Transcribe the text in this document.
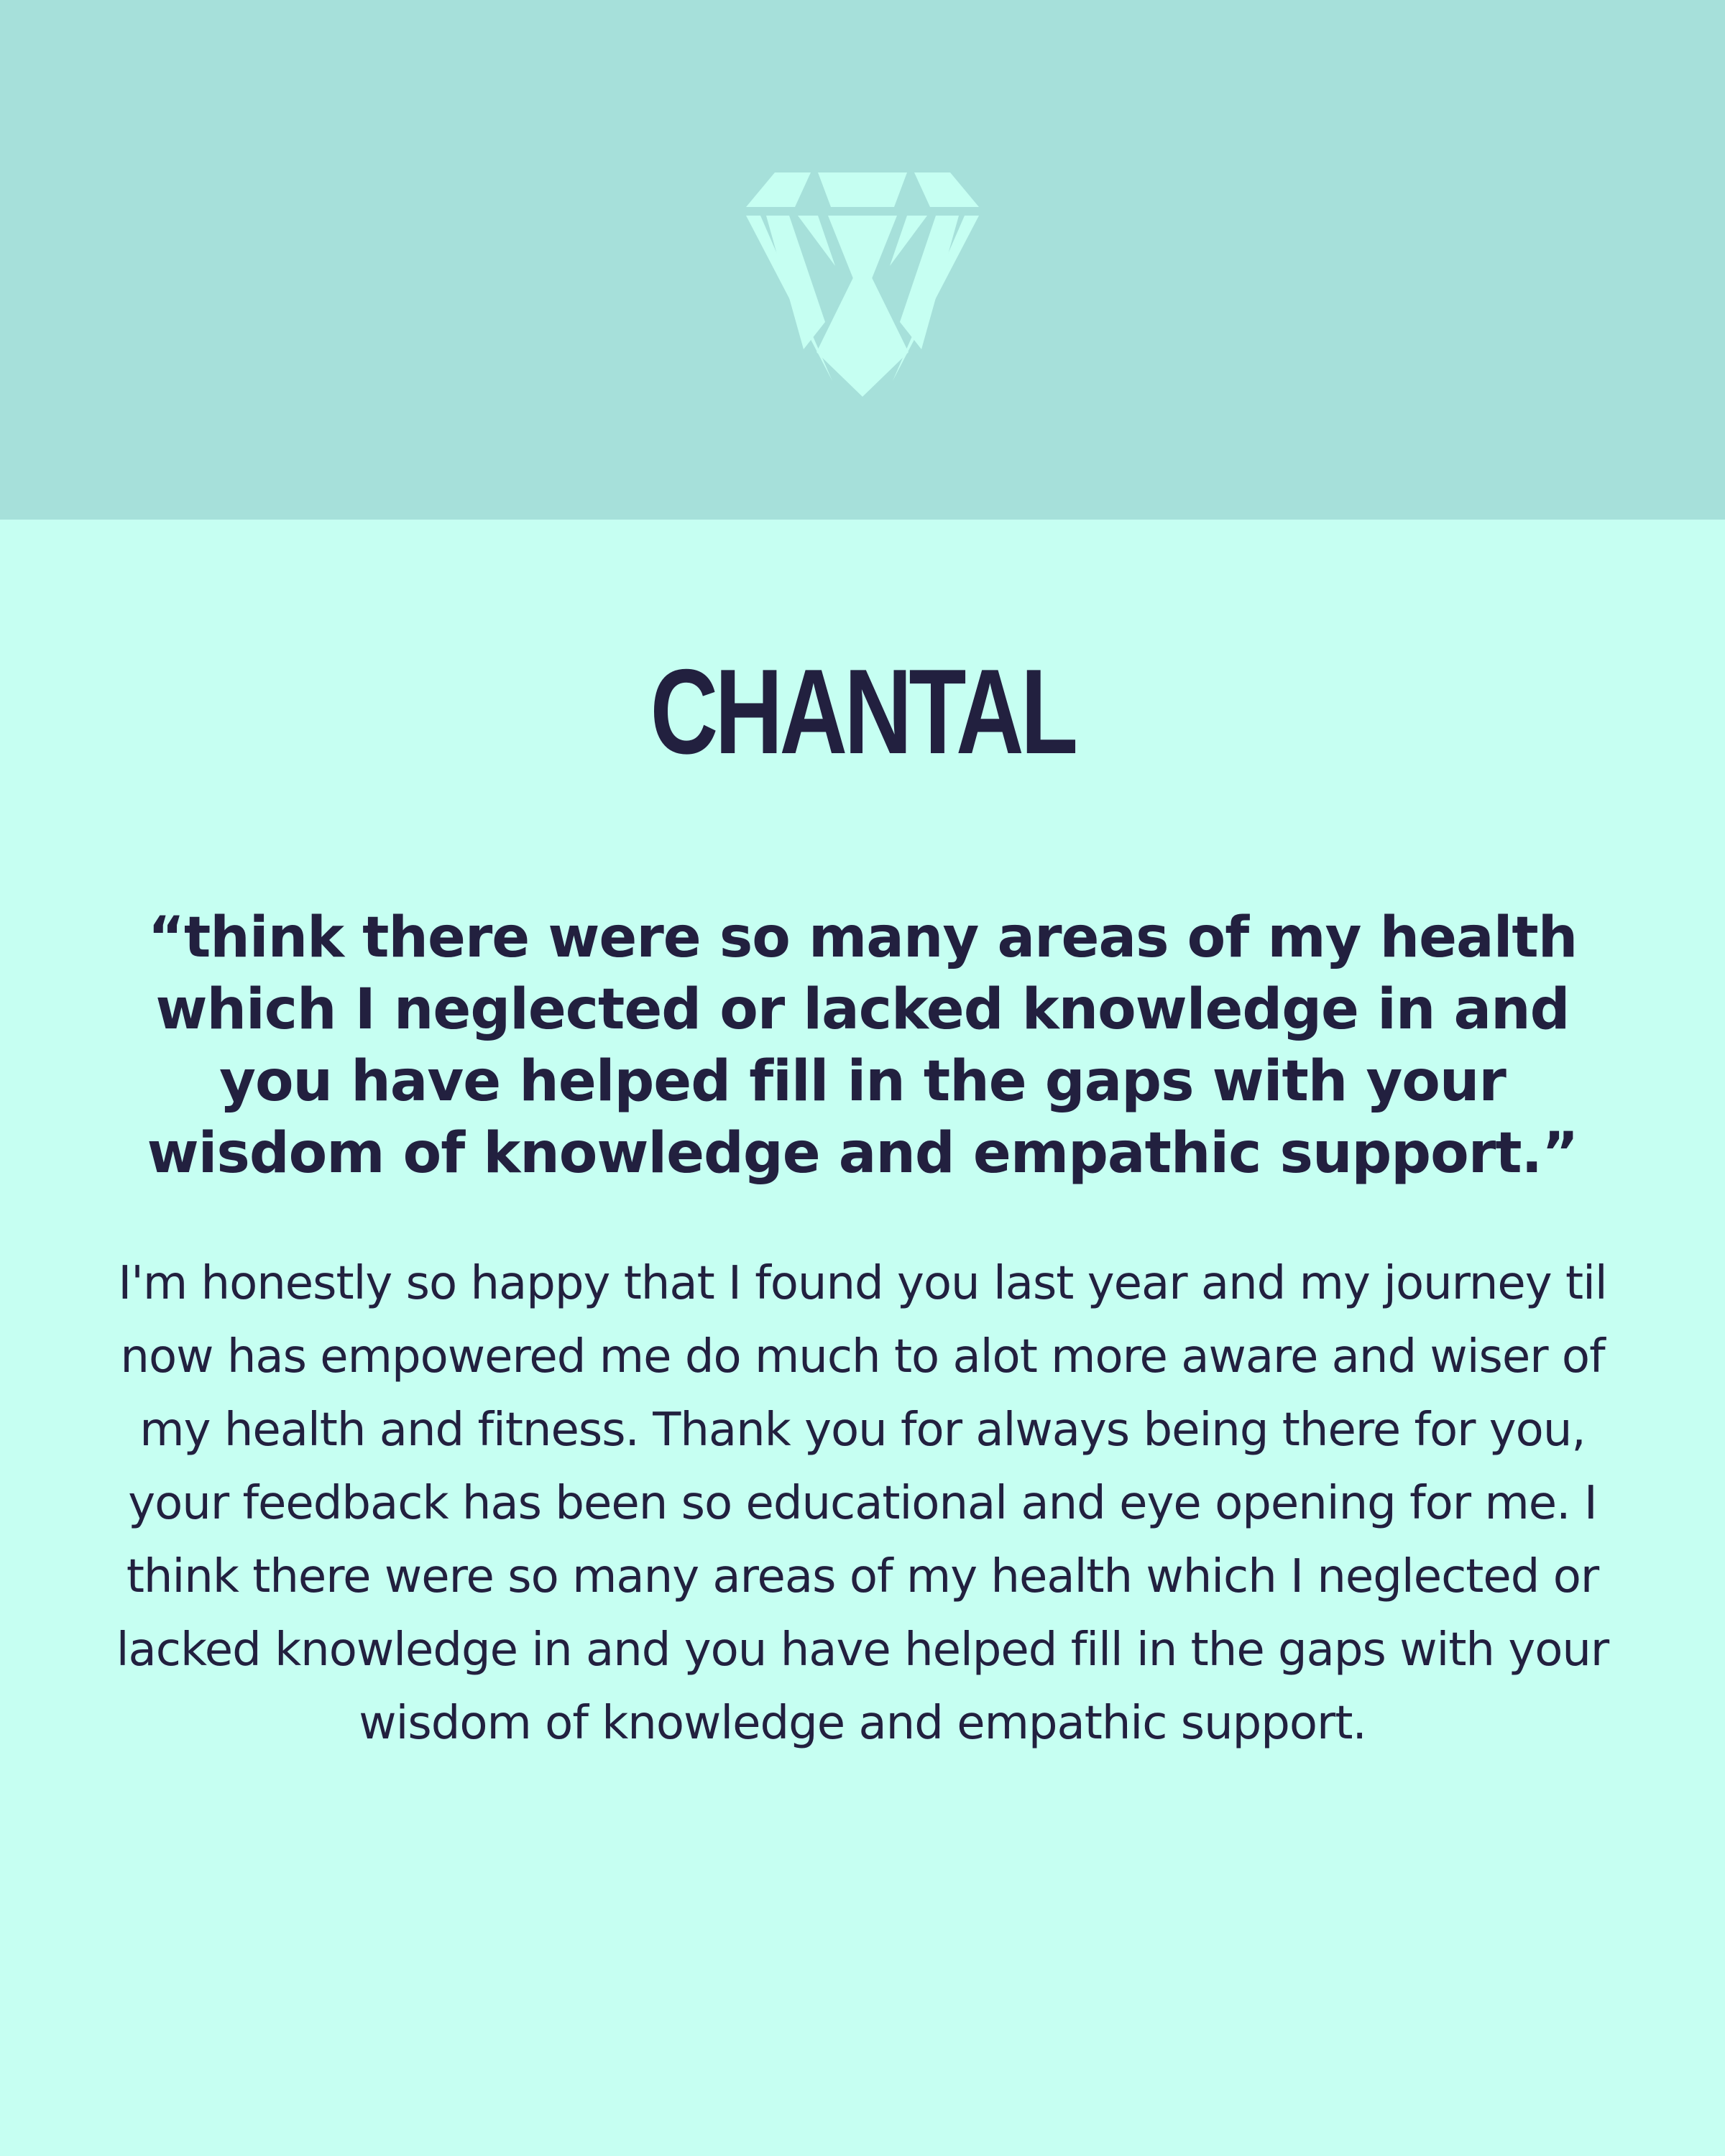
CHANTAL
“think there were so many areas of my health which I neglected or lacked knowledge in and you have helped fill in the gaps with your wisdom of knowledge and empathic support.”
I'm honestly so happy that I found you last year and my journey til now has empowered me do much to alot more aware and wiser of my health and fitness. Thank you for always being there for you, your feedback has been so educational and eye opening for me. I think there were so many areas of my health which I neglected or lacked knowledge in and you have helped fill in the gaps with your wisdom of knowledge and empathic support.
